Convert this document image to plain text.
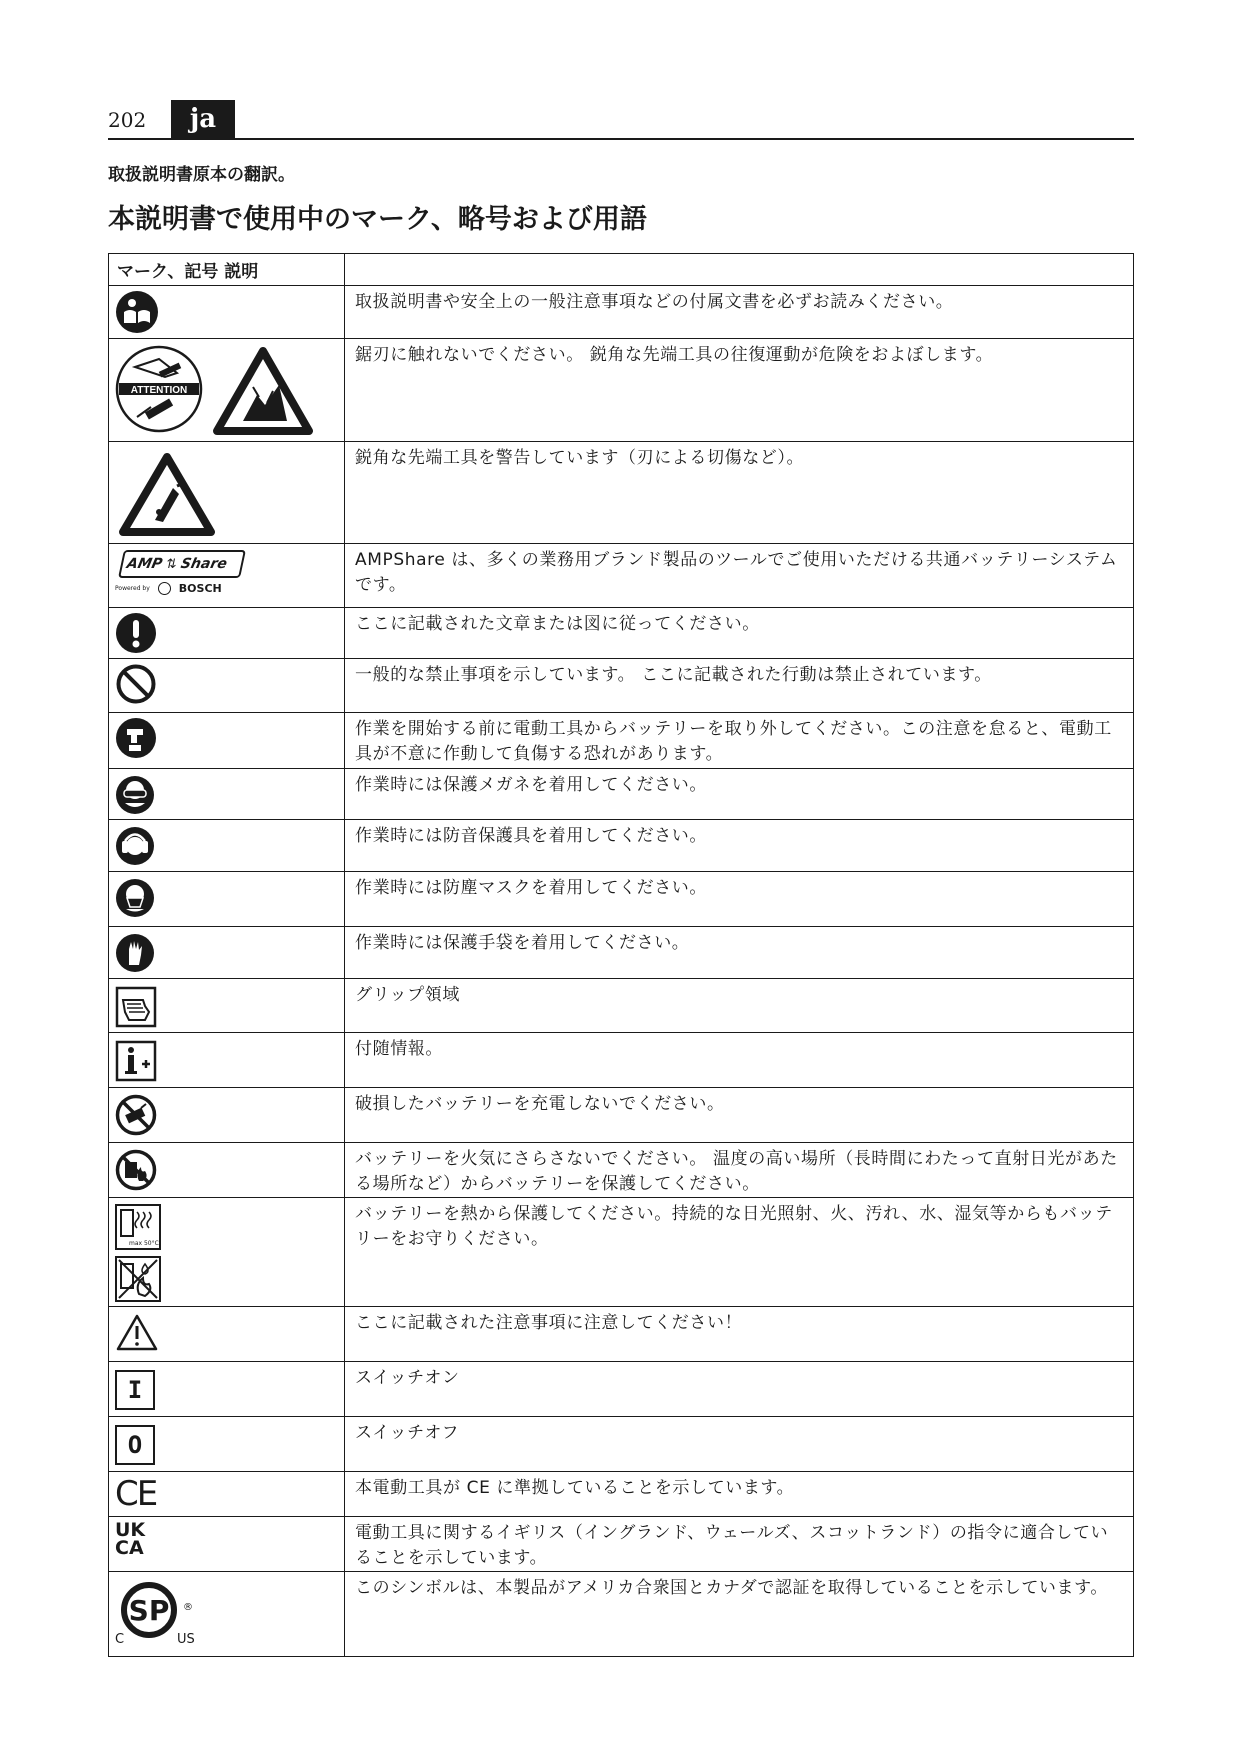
202	ja
取扱説明書原本の翻訳。
本説明書で使用中のマーク、略号および用語
マーク、記号 説明	

取扱説明書や安全上の一般注意事項などの付属文書を必ずお読みください。

ATTENTION	鋸刃に触れないでください。 鋭角な先端工具の往復運動が危険をおよぼします。

鋭角な先端工具を警告しています（刃による切傷など）。

AMP ⇅ Share
Powered by BOSCH	AMPShare は、多くの業務用ブランド製品のツールでご使用いただける共通バッテリーシステムです。

ここに記載された文章または図に従ってください。

一般的な禁止事項を示しています。 ここに記載された行動は禁止されています。

作業を開始する前に電動工具からバッテリーを取り外してください。この注意を怠ると、電動工具が不意に作動して負傷する恐れがあります。

作業時には保護メガネを着用してください。

作業時には防音保護具を着用してください。

作業時には防塵マスクを着用してください。

作業時には保護手袋を着用してください。

グリップ領域

付随情報。

破損したバッテリーを充電しないでください。

バッテリーを火気にさらさないでください。 温度の高い場所（長時間にわたって直射日光があたる場所など）からバッテリーを保護してください。

max 50°C	バッテリーを熱から保護してください。持続的な日光照射、火、汚れ、水、湿気等からもバッテリーをお守りください。

ここに記載された注意事項に注意してください！

I	スイッチオン

O	スイッチオフ

CE	本電動工具が CE に準拠していることを示しています。

UK
CA	電動工具に関するイギリス（イングランド、ウェールズ、スコットランド）の指令に適合していることを示しています。

SP ®
C US	このシンボルは、本製品がアメリカ合衆国とカナダで認証を取得していることを示しています。
